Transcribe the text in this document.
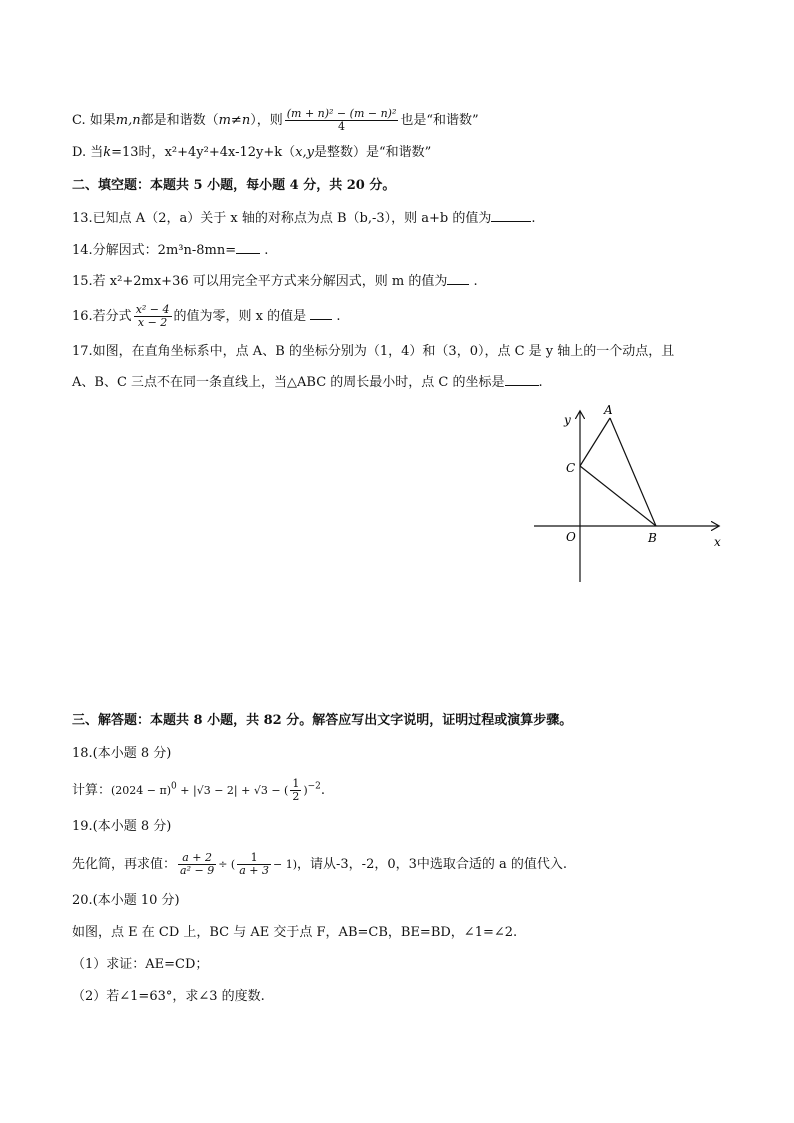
C. 如果m,n都是和谐数（m≠n），则 $\frac{\text{(m + n)² − (m − n)²}}{4}$ 也是“和谐数”
D. 当k=13时，x²+4y²+4x-12y+k（x,y是整数）是“和谐数”
二、填空题：本题共 5 小题，每小题 4 分，共 20 分。
13.已知点 A（2，a）关于 x 轴的对称点为点 B（b,-3），则 a+b 的值为	.
14.分解因式：2m³n-8mn= .
15.若 x²+2mx+36 可以用完全平方式来分解因式，则 m 的值为 .
16.若分式 $\frac{\text{x² − 4}}{x - 2}$ 的值为零，则 x 的值是 .
17.如图，在直角坐标系中，点 A、B 的坐标分别为（1，4）和（3，0），点 C 是 y 轴上的一个动点，且
A、B、C 三点不在同一条直线上，当△ABC 的周长最小时，点 C 的坐标是	.
y
x
A
B
C
O
三、解答题：本题共 8 小题，共 82 分。解答应写出文字说明，证明过程或演算步骤。
18.(本小题 8 分)
计算：$(2024 - \pi)^0 + |√3 - 2| + √3$ − ( $\frac{1}{2} )^{-2}$.
19.(本小题 8 分)
先化简，再求值： $\frac{a + 2}{\text{a² − 9}}$ ÷ ( $\frac{1}{a + 3} - 1$)，请从-3，-2，0，3中选取合适的 a 的值代入.
20.(本小题 10 分)
如图，点 E 在 CD 上，BC 与 AE 交于点 F，AB=CB，BE=BD，∠1=∠2.
（1）求证：AE=CD；
（2）若∠1=63°，求∠3 的度数.
